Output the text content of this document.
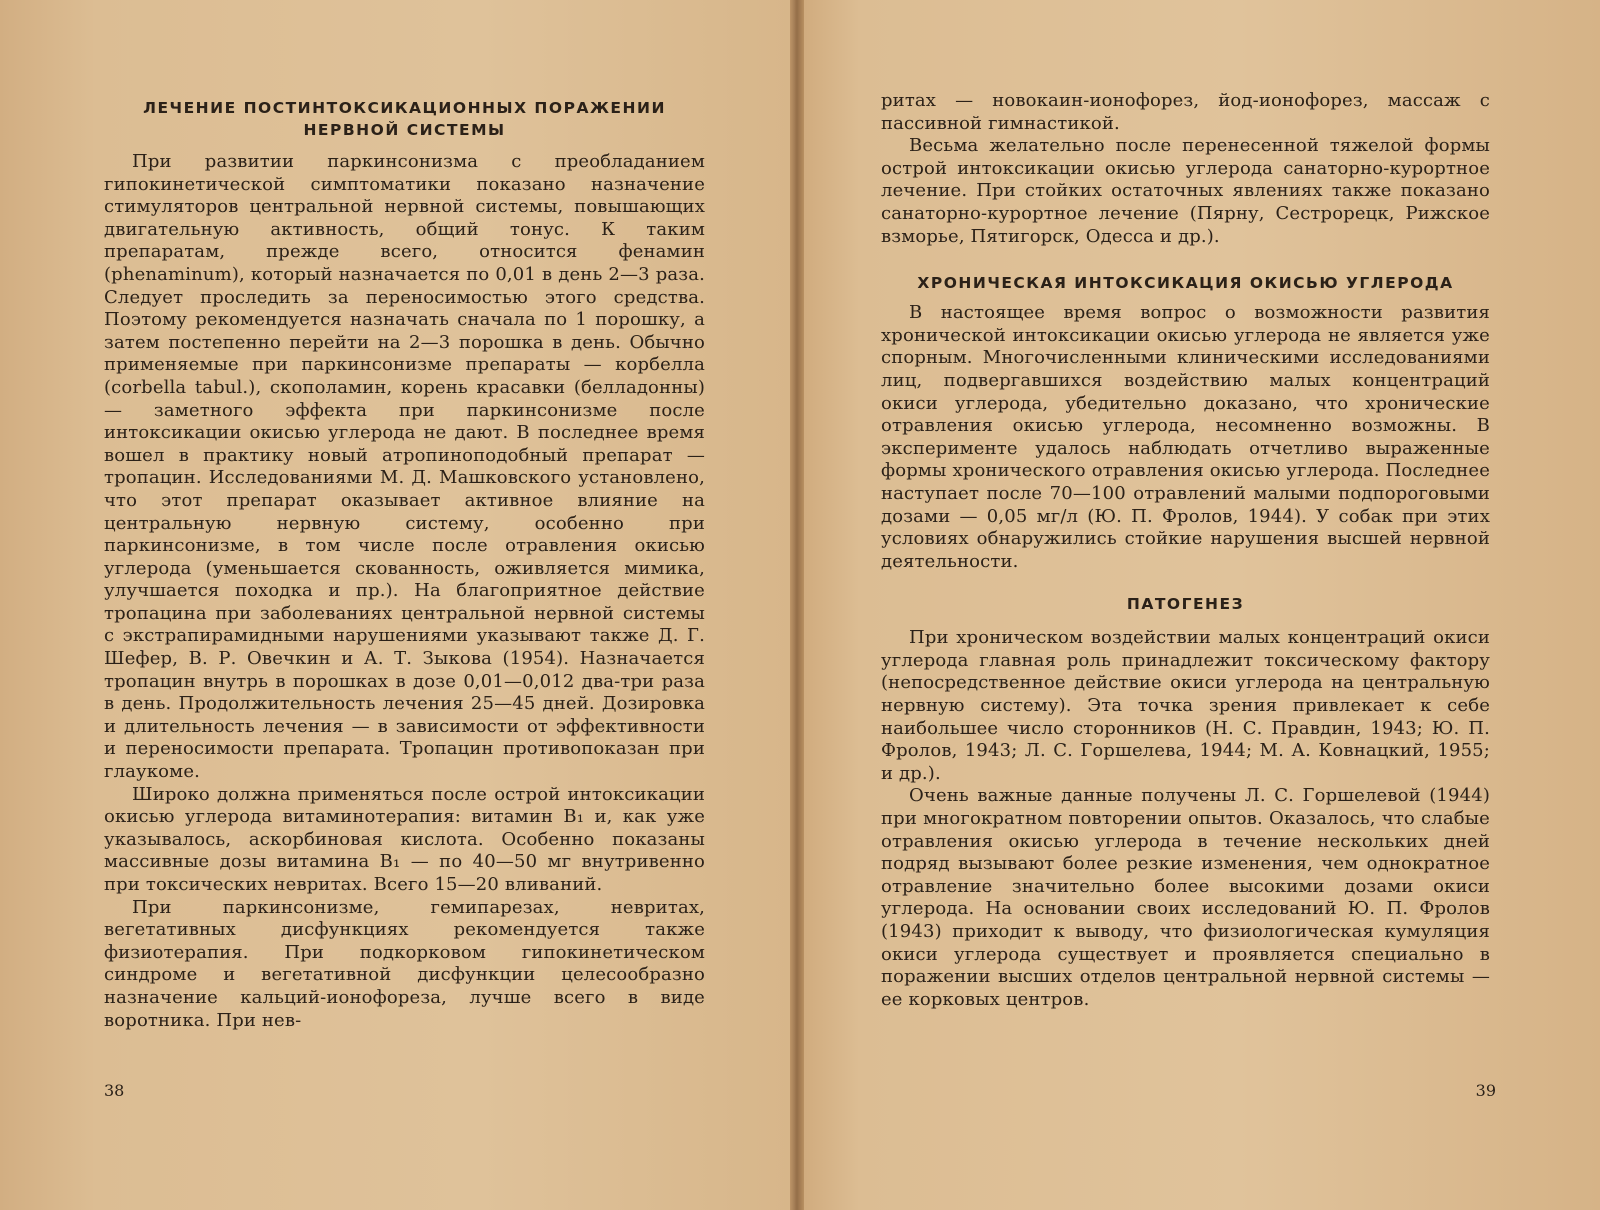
ЛЕЧЕНИЕ ПОСТИНТОКСИКАЦИОННЫХ ПОРАЖЕНИИ
НЕРВНОЙ СИСТЕМЫ

При развитии паркинсонизма с преобладанием гипокинетической симптоматики показано назначение стимуляторов центральной нервной системы, повышающих двигательную активность, общий тонус. К таким препаратам, прежде всего, относится фенамин (phenaminum), который назначается по 0,01 в день 2—3 раза. Следует проследить за переносимостью этого средства. Поэтому рекомендуется назначать сначала по 1 порошку, а затем постепенно перейти на 2—3 порошка в день. Обычно применяемые при паркинсонизме препараты — корбелла (corbella tabul.), скополамин, корень красавки (белладонны) — заметного эффекта при паркинсонизме после интоксикации окисью углерода не дают. В последнее время вошел в практику новый атропиноподобный препарат — тропацин. Исследованиями М. Д. Машковского установлено, что этот препарат оказывает активное влияние на центральную нервную систему, особенно при паркинсонизме, в том числе после отравления окисью углерода (уменьшается скованность, оживляется мимика, улучшается походка и пр.). На благоприятное действие тропацина при заболеваниях центральной нервной системы с экстрапирамидными нарушениями указывают также Д. Г. Шефер, В. Р. Овечкин и А. Т. Зыкова (1954). Назначается тропацин внутрь в порошках в дозе 0,01—0,012 два-три раза в день. Продолжительность лечения 25—45 дней. Дозировка и длительность лечения — в зависимости от эффективности и переносимости препарата. Тропацин противопоказан при глаукоме.

Широко должна применяться после острой интоксикации окисью углерода витаминотерапия: витамин B₁ и, как уже указывалось, аскорбиновая кислота. Особенно показаны массивные дозы витамина B₁ — по 40—50 мг внутривенно при токсических невритах. Всего 15—20 вливаний.

При паркинсонизме, гемипарезах, невритах, вегетативных дисфункциях рекомендуется также физиотерапия. При подкорковом гипокинетическом синдроме и вегетативной дисфункции целесообразно назначение кальций-ионофореза, лучше всего в виде воротника. При нев-

38

ритах — новокаин-ионофорез, йод-ионофорез, массаж с пассивной гимнастикой.

Весьма желательно после перенесенной тяжелой формы острой интоксикации окисью углерода санаторно-курортное лечение. При стойких остаточных явлениях также показано санаторно-курортное лечение (Пярну, Сестрорецк, Рижское взморье, Пятигорск, Одесса и др.).

ХРОНИЧЕСКАЯ ИНТОКСИКАЦИЯ ОКИСЬЮ УГЛЕРОДА

В настоящее время вопрос о возможности развития хронической интоксикации окисью углерода не является уже спорным. Многочисленными клиническими исследованиями лиц, подвергавшихся воздействию малых концентраций окиси углерода, убедительно доказано, что хронические отравления окисью углерода, несомненно возможны. В эксперименте удалось наблюдать отчетливо выраженные формы хронического отравления окисью углерода. Последнее наступает после 70—100 отравлений малыми подпороговыми дозами — 0,05 мг/л (Ю. П. Фролов, 1944). У собак при этих условиях обнаружились стойкие нарушения высшей нервной деятельности.

ПАТОГЕНЕЗ

При хроническом воздействии малых концентраций окиси углерода главная роль принадлежит токсическому фактору (непосредственное действие окиси углерода на центральную нервную систему). Эта точка зрения привлекает к себе наибольшее число сторонников (Н. С. Правдин, 1943; Ю. П. Фролов, 1943; Л. С. Горшелева, 1944; М. А. Ковнацкий, 1955; и др.).

Очень важные данные получены Л. С. Горшелевой (1944) при многократном повторении опытов. Оказалось, что слабые отравления окисью углерода в течение нескольких дней подряд вызывают более резкие изменения, чем однократное отравление значительно более высокими дозами окиси углерода. На основании своих исследований Ю. П. Фролов (1943) приходит к выводу, что физиологическая кумуляция окиси углерода существует и проявляется специально в поражении высших отделов центральной нервной системы — ее корковых центров.

39
